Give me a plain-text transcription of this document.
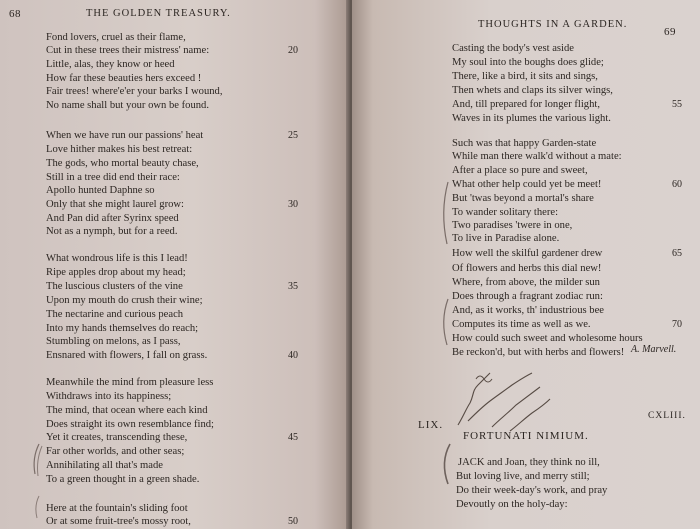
68	THE GOLDEN TREASURY.
Fond lovers, cruel as their flame,
Cut in these trees their mistress' name:	20
Little, alas, they know or heed
How far these beauties hers exceed !
Fair trees! where'e'er your barks I wound,
No name shall but your own be found.
When we have run our passions' heat	25
Love hither makes his best retreat:
The gods, who mortal beauty chase,
Still in a tree did end their race:
Apollo hunted Daphne so
Only that she might laurel grow:	30
And Pan did after Syrinx speed
Not as a nymph, but for a reed.
What wondrous life is this I lead!
Ripe apples drop about my head;
The luscious clusters of the vine	35
Upon my mouth do crush their wine;
The nectarine and curious peach
Into my hands themselves do reach;
Stumbling on melons, as I pass,
Ensnared with flowers, I fall on grass.	40
Meanwhile the mind from pleasure less
Withdraws into its happiness;
The mind, that ocean where each kind
Does straight its own resemblance find;
Yet it creates, transcending these,	45
Far other worlds, and other seas;
Annihilating all that's made
To a green thought in a green shade.
Here at the fountain's sliding foot
Or at some fruit-tree's mossy root,	50
THOUGHTS IN A GARDEN.
69
Casting the body's vest aside
My soul into the boughs does glide;
There, like a bird, it sits and sings,
Then whets and claps its silver wings,
And, till prepared for longer flight,	55
Waves in its plumes the various light.
Such was that happy Garden-state
While man there walk'd without a mate:
After a place so pure and sweet,
What other help could yet be meet!	60
But 'twas beyond a mortal's share
To wander solitary there:
Two paradises 'twere in one,
To live in Paradise alone.
How well the skilful gardener drew	65
Of flowers and herbs this dial new!
Where, from above, the milder sun
Does through a fragrant zodiac run:
And, as it works, th' industrious bee
Computes its time as well as we.	70
How could such sweet and wholesome hours
Be reckon'd, but with herbs and flowers! A. Marvell.
LIX.
CXLIII.
FORTUNATI NIMIUM.
JACK and Joan, they think no ill,
But loving live, and merry still;
Do their week-day's work, and pray
Devoutly on the holy-day:
